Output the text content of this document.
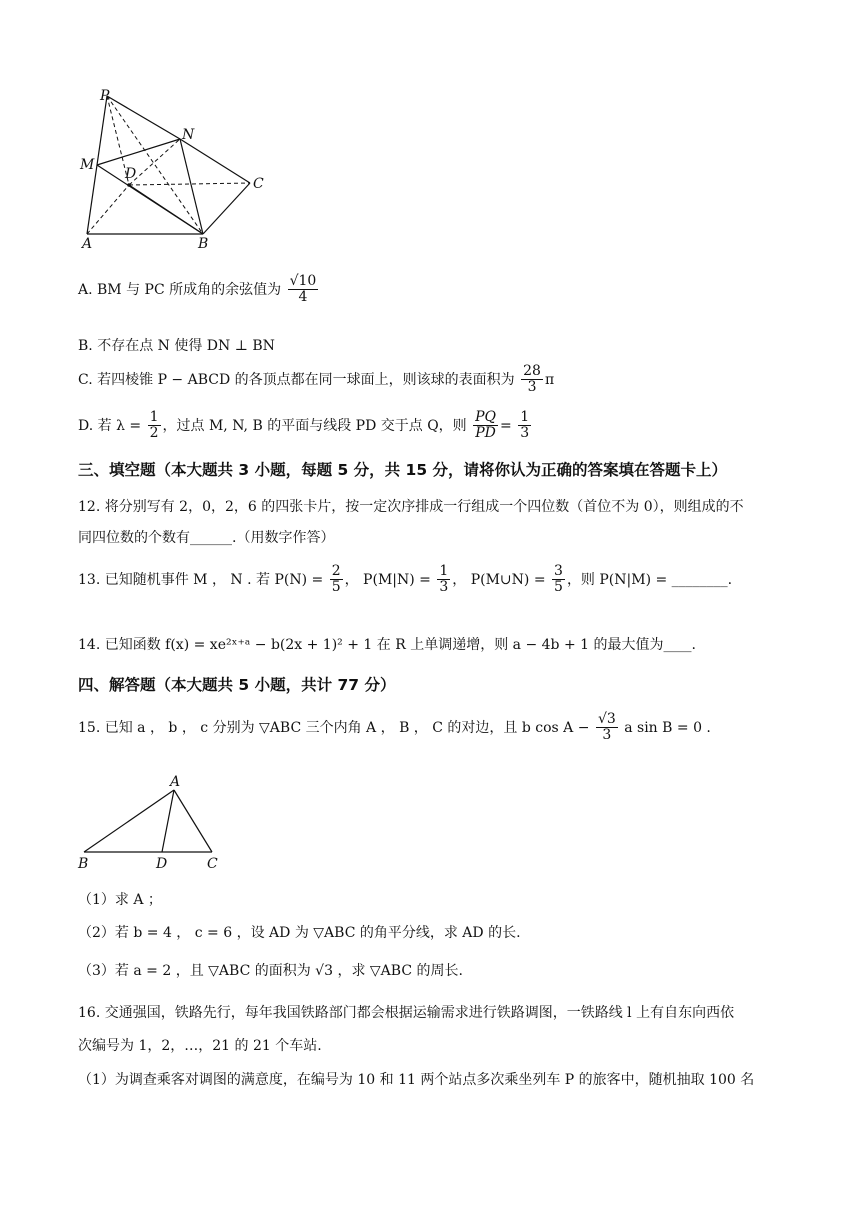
P
N
M
D
C
A	B
A. BM 与 PC 所成角的余弦值为 $\frac{√10}{4}$
B. 不存在点 N 使得 DN ⊥ BN
C. 若四棱锥 P − ABCD 的各顶点都在同一球面上，则该球的表面积为 $\frac{28}{3}$ π
D. 若 $\lambda = \frac{1}{2}$ ，过点 M, N, B 的平面与线段 PD 交于点 Q，则 $\frac{PQ}{PD} = \frac{1}{3}$
三、填空题（本大题共 3 小题，每题 5 分，共 15 分，请将你认为正确的答案填在答题卡上）
12. 将分别写有 2，0，2，6 的四张卡片，按一定次序排成一行组成一个四位数（首位不为 0），则组成的不
同四位数的个数有______.（用数字作答）
13. 已知随机事件 M ， N . 若 $P(N) = \frac{2}{5}$ ， $P(M|N) = \frac{1}{3}$ ， P(M∪N) = $\frac{3}{5}$ ，则 P(N|M) = ________.
14. 已知函数 f(x) = xe²ˣ⁺ᵃ − b(2x + 1)² + 1 在 R 上单调递增，则 a − 4b + 1 的最大值为____.
四、解答题（本大题共 5 小题，共计 77 分）
15. 已知 a ， b ， c 分别为 ▽ABC 三个内角 A ， B ， C 的对边，且 b $\cos A - \frac{√3}{3}$ a sin B = 0 .
A
B	D	C
（1）求 A ；
（2）若 b = 4 ， c = 6 ，设 AD 为 ▽ABC 的角平分线，求 AD 的长.
（3）若 a = 2 ，且 ▽ABC 的面积为 √3 ，求 ▽ABC 的周长.
16. 交通强国，铁路先行，每年我国铁路部门都会根据运输需求进行铁路调图，一铁路线 l 上有自东向西依
次编号为 1，2，…，21 的 21 个车站.
（1）为调查乘客对调图的满意度，在编号为 10 和 11 两个站点多次乘坐列车 P 的旅客中，随机抽取 100 名
